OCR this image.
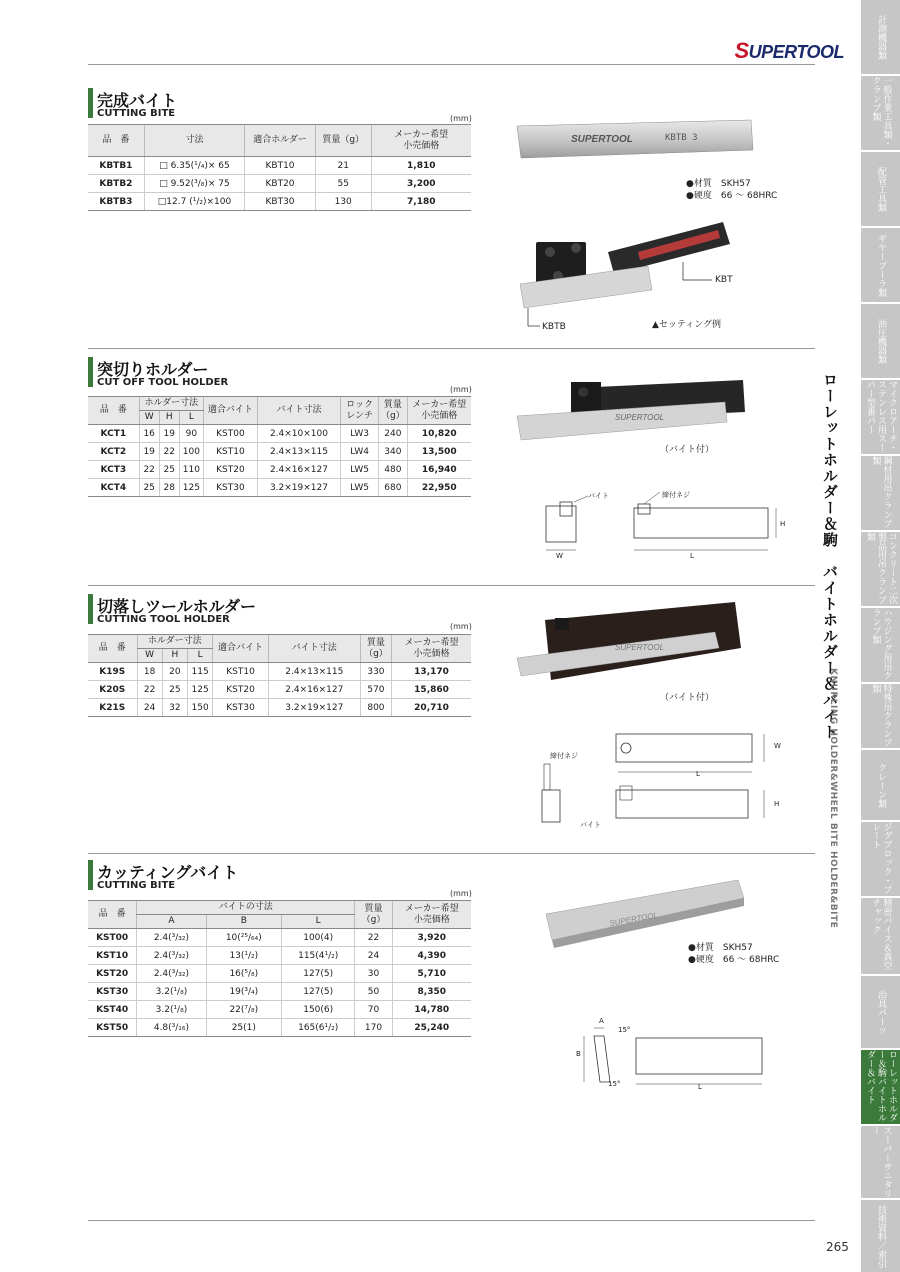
SUPERTOOL
完成バイト
CUTTING BITE	(mm)
品　番	寸法	適合ホルダー	質量（g）	メーカー希望
小売価格
KBTB1	□ 6.35(¹/₄)× 65	KBT10	21	1,810
KBTB2	□ 9.52(³/₈)× 75	KBT20	55	3,200
KBTB3	□12.7 (¹/₂)×100	KBT30	130	7,180
SUPERTOOL	KBTB 3
●材質　SKH57
●硬度　66 ～ 68HRC
KBT
KBTB	▲セッティング例
突切りホルダー
CUT OFF TOOL HOLDER
(mm)
品　番	ホルダー寸法			適合バイト	バイト寸法	ロック
レンチ	質量
（g）	メーカー希望
小売価格
	W	H	L					
KCT1	16	19	90	KST00	2.4×10×100	LW3	240	10,820
KCT2	19	22	100	KST10	2.4×13×115	LW4	340	13,500
KCT3	22	25	110	KST20	2.4×16×127	LW5	480	16,940
KCT4	25	28	125	KST30	3.2×19×127	LW5	680	22,950
SUPERTOOL
（バイト付）
バイト	締付ネジ
W	L
H
切落しツールホルダー
CUTTING TOOL HOLDER
(mm)
品　番	ホルダー寸法			適合バイト	バイト寸法	質量
（g）	メーカー希望
小売価格
	W	H	L				
K19S	18	20	115	KST10	2.4×13×115	330	13,170
K20S	22	25	125	KST20	2.4×16×127	570	15,860
K21S	24	32	150	KST30	3.2×19×127	800	20,710
SUPERTOOL
（バイト付）
L
W
H
締付ネジ
バイト
カッティングバイト
CUTTING BITE
(mm)
品　番	バイトの寸法			質量
（g）	メーカー希望
小売価格
	A	B	L		
KST00	2.4(³/₃₂)	10(²⁵/₆₄)	100(4)	22	3,920
KST10	2.4(³/₃₂)	13(¹/₂)	115(4¹/₂)	24	4,390
KST20	2.4(³/₃₂)	16(⁵/₈)	127(5)	30	5,710
KST30	3.2(¹/₈)	19(³/₄)	127(5)	50	8,350
KST40	3.2(¹/₈)	22(⁷/₈)	150(6)	70	14,780
KST50	4.8(³/₁₆)	25(1)	165(6¹/₂)	170	25,240
SUPERTOOL
●材質　SKH57
●硬度　66 ～ 68HRC
A
B
L
15°
15°
ローレットホルダー＆駒　バイトホルダー＆バイト
KNURLING HOLDER&WHEEL BITE HOLDER&BITE
計測機器類
一般作業工具類・クランプ類
配管工具類
ギヤープーラ類
油圧機器類
マイクロアーチ・ステンレス用スーパー型番パー
鋼材用吊クランプ類
コンクリート二次製品用吊クランプ類
ハウジング用吊クランプ類
特殊吊クランプ類
クレーン類
ジグブロック・プレート
精密バイス＆真空チャック
治具パーツ
ローレットホルダー＆駒バイトホルダー＆バイト
スーパーサニタリー
技術資料／索引
265
